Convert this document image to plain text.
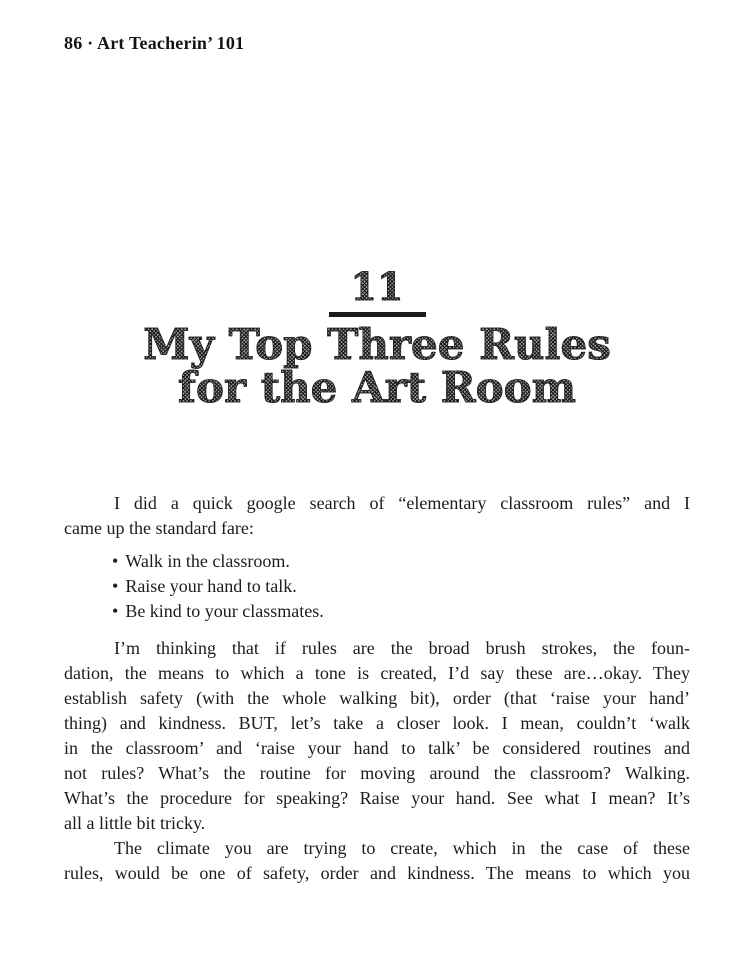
86 · Art Teacherin’ 101
11
My Top Three Rules
for the Art Room
I did a quick google search of “elementary classroom rules” and I
came up the standard fare:
• Walk in the classroom.
• Raise your hand to talk.
• Be kind to your classmates.
I’m thinking that if rules are the broad brush strokes, the foun-
dation, the means to which a tone is created, I’d say these are…okay. They
establish safety (with the whole walking bit), order (that ‘raise your hand’
thing) and kindness. BUT, let’s take a closer look. I mean, couldn’t ‘walk
in the classroom’ and ‘raise your hand to talk’ be considered routines and
not rules? What’s the routine for moving around the classroom? Walking.
What’s the procedure for speaking? Raise your hand. See what I mean? It’s
all a little bit tricky.
The climate you are trying to create, which in the case of these
rules, would be one of safety, order and kindness. The means to which you
